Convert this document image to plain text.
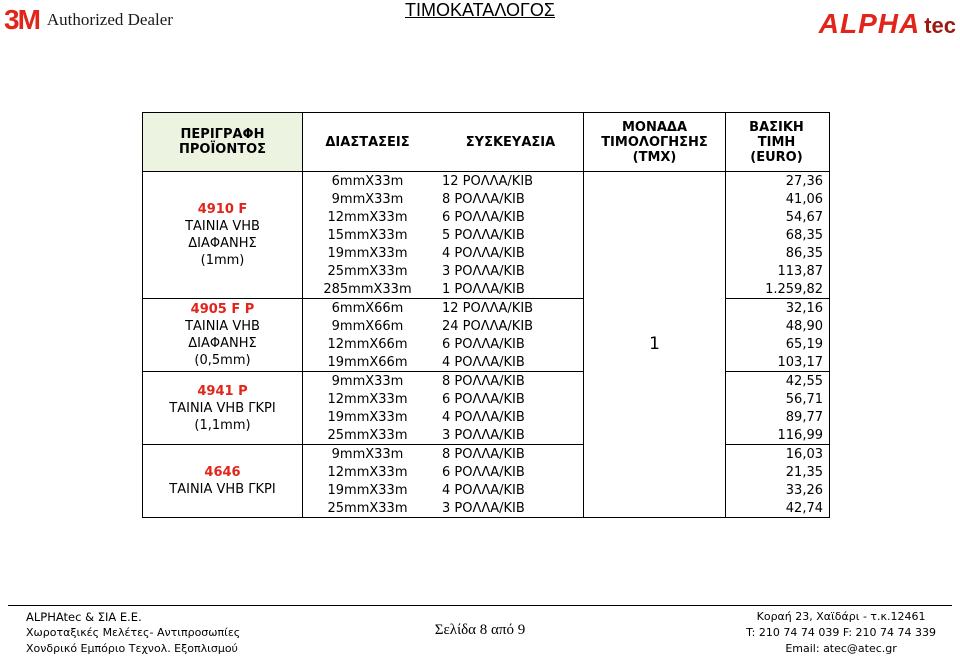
3M Authorized Dealer	ΤΙΜΟΚΑΤΑΛΟΓΟΣ	ALPHA tec
ΠΕΡΙΓΡΑΦΗ ΠΡΟΪΟΝΤΟΣ	ΔΙΑΣΤΑΣΕΙΣ	ΣΥΣΚΕΥΑΣΙΑ	ΜΟΝΑΔΑ ΤΙΜΟΛΟΓΗΣΗΣ (ΤΜΧ)	ΒΑΣΙΚΗ ΤΙΜΗ (EURO)

4910 F
ΤΑΙΝΙΑ VHB
ΔΙΑΦΑΝΗΣ
(1mm)	6mmX33m	12 ΡΟΛΛΑ/ΚΙΒ	1	27,36
	9mmX33m	8 ΡΟΛΛΑ/ΚΙΒ		41,06
	12mmX33m	6 ΡΟΛΛΑ/ΚΙΒ		54,67
	15mmX33m	5 ΡΟΛΛΑ/ΚΙΒ		68,35
	19mmX33m	4 ΡΟΛΛΑ/ΚΙΒ		86,35
	25mmX33m	3 ΡΟΛΛΑ/ΚΙΒ		113,87
	285mmX33m	1 ΡΟΛΛΑ/ΚΙΒ		1.259,82

4905 F P
ΤΑΙΝΙΑ VHB
ΔΙΑΦΑΝΗΣ
(0,5mm)	6mmX66m	12 ΡΟΛΛΑ/ΚΙΒ		32,16
	9mmX66m	24 ΡΟΛΛΑ/ΚΙΒ		48,90
	12mmX66m	6 ΡΟΛΛΑ/ΚΙΒ		65,19
	19mmX66m	4 ΡΟΛΛΑ/ΚΙΒ		103,17

4941 P
ΤΑΙΝΙΑ VHB ΓΚΡΙ
(1,1mm)	9mmX33m	8 ΡΟΛΛΑ/ΚΙΒ		42,55
	12mmX33m	6 ΡΟΛΛΑ/ΚΙΒ		56,71
	19mmX33m	4 ΡΟΛΛΑ/ΚΙΒ		89,77
	25mmX33m	3 ΡΟΛΛΑ/ΚΙΒ		116,99

4646
ΤΑΙΝΙΑ VHB ΓΚΡΙ	9mmX33m	8 ΡΟΛΛΑ/ΚΙΒ		16,03
	12mmX33m	6 ΡΟΛΛΑ/ΚΙΒ		21,35
	19mmX33m	4 ΡΟΛΛΑ/ΚΙΒ		33,26
	25mmX33m	3 ΡΟΛΛΑ/ΚΙΒ		42,74
ALPHAtec & ΣΙΑ Ε.Ε.
Χωροταξικές Μελέτες- Αντιπροσωπίες
Χονδρικό Εμπόριο Τεχνολ. Εξοπλισμού
Σελίδα 8 από 9
Κοραή 23, Χαϊδάρι - τ.κ.12461
T: 210 74 74 039 F: 210 74 74 339
Email: atec@atec.gr
